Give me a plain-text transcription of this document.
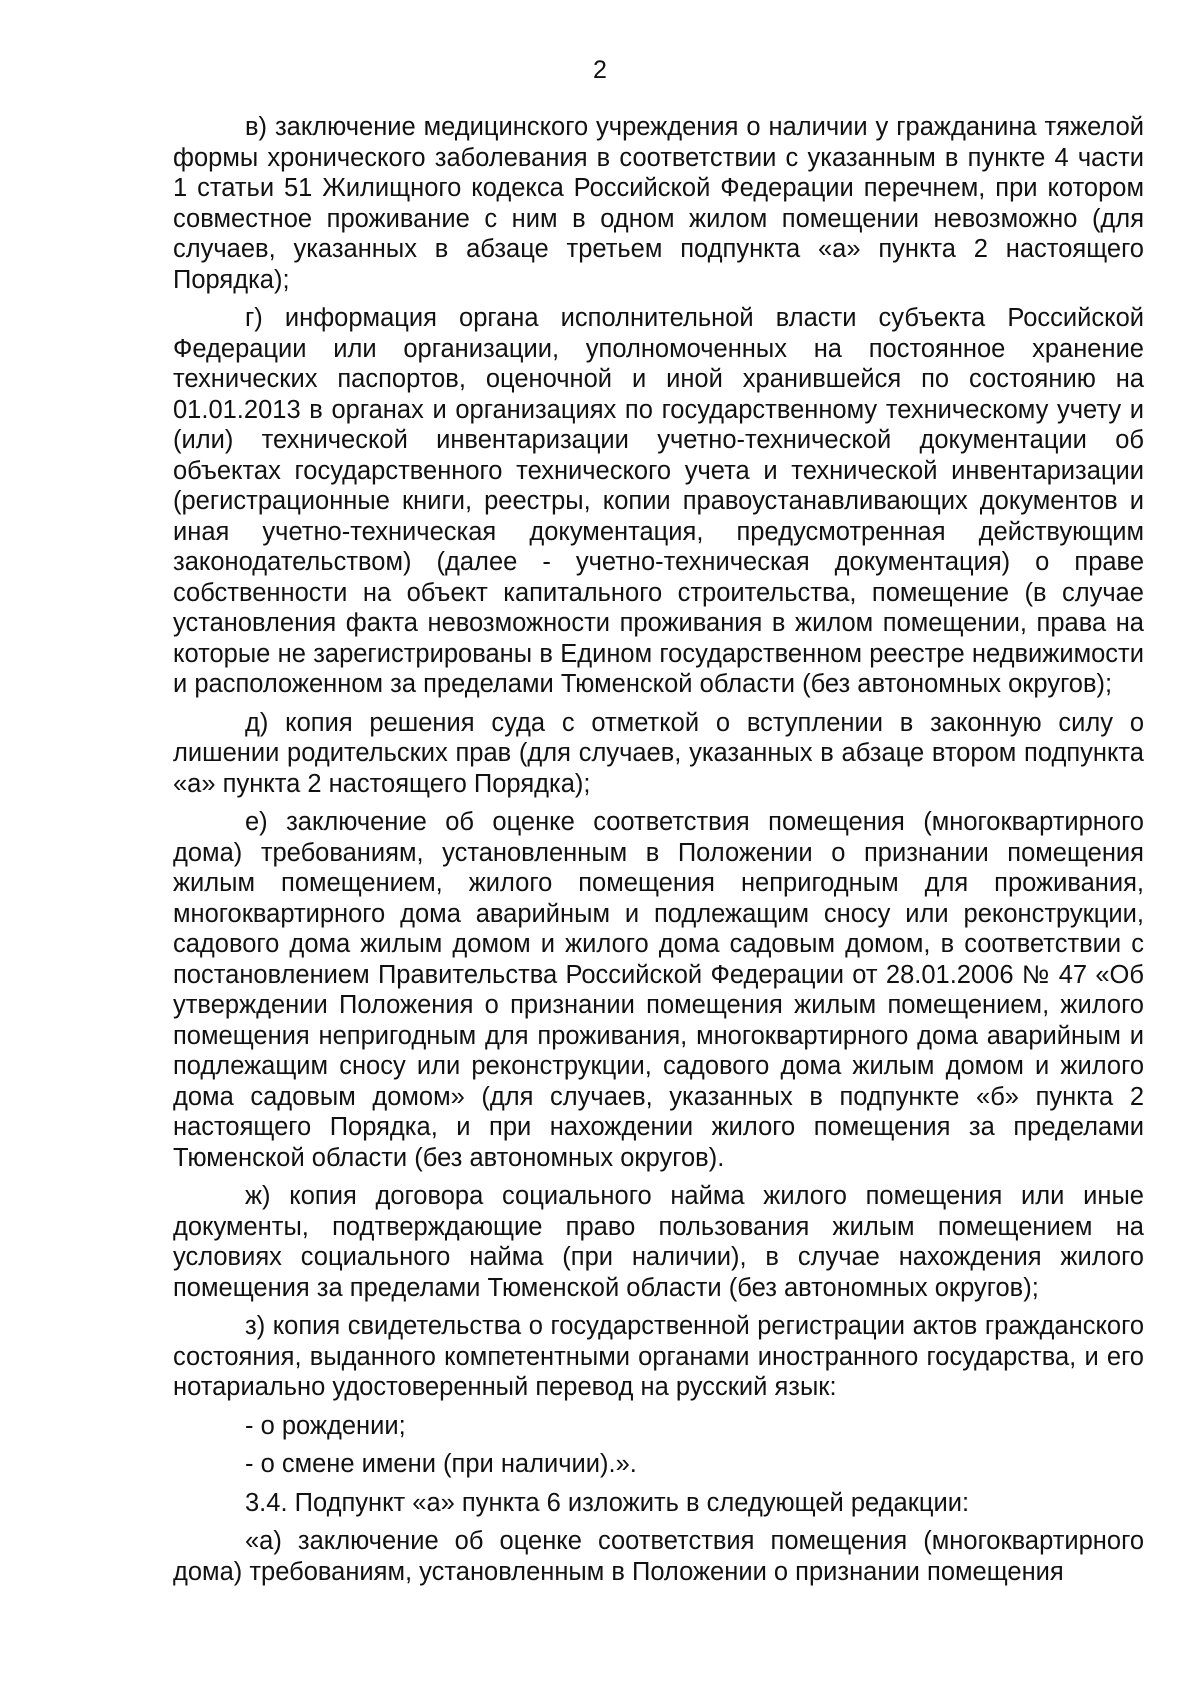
2

в) заключение медицинского учреждения о наличии у гражданина тяжелой формы хронического заболевания в соответствии с указанным в пункте 4 части 1 статьи 51 Жилищного кодекса Российской Федерации перечнем, при котором совместное проживание с ним в одном жилом помещении невозможно (для случаев, указанных в абзаце третьем подпункта «а» пункта 2 настоящего Порядка);

г) информация органа исполнительной власти субъекта Российской Федерации или организации, уполномоченных на постоянное хранение технических паспортов, оценочной и иной хранившейся по состоянию на 01.01.2013 в органах и организациях по государственному техническому учету и (или) технической инвентаризации учетно-технической документации об объектах государственного технического учета и технической инвентаризации (регистрационные книги, реестры, копии правоустанавливающих документов и иная учетно-техническая документация, предусмотренная действующим законодательством) (далее - учетно-техническая документация) о праве собственности на объект капитального строительства, помещение (в случае установления факта невозможности проживания в жилом помещении, права на которые не зарегистрированы в Едином государственном реестре недвижимости и расположенном за пределами Тюменской области (без автономных округов);

д) копия решения суда с отметкой о вступлении в законную силу о лишении родительских прав (для случаев, указанных в абзаце втором подпункта «а» пункта 2 настоящего Порядка);

е) заключение об оценке соответствия помещения (многоквартирного дома) требованиям, установленным в Положении о признании помещения жилым помещением, жилого помещения непригодным для проживания, многоквартирного дома аварийным и подлежащим сносу или реконструкции, садового дома жилым домом и жилого дома садовым домом, в соответствии с постановлением Правительства Российской Федерации от 28.01.2006 № 47 «Об утверждении Положения о признании помещения жилым помещением, жилого помещения непригодным для проживания, многоквартирного дома аварийным и подлежащим сносу или реконструкции, садового дома жилым домом и жилого дома садовым домом» (для случаев, указанных в подпункте «б» пункта 2 настоящего Порядка, и при нахождении жилого помещения за пределами Тюменской области (без автономных округов).

ж) копия договора социального найма жилого помещения или иные документы, подтверждающие право пользования жилым помещением на условиях социального найма (при наличии), в случае нахождения жилого помещения за пределами Тюменской области (без автономных округов);

з) копия свидетельства о государственной регистрации актов гражданского состояния, выданного компетентными органами иностранного государства, и его нотариально удостоверенный перевод на русский язык:

- о рождении;

- о смене имени (при наличии).».

3.4. Подпункт «а» пункта 6 изложить в следующей редакции:

«а) заключение об оценке соответствия помещения (многоквартирного дома) требованиям, установленным в Положении о признании помещения
